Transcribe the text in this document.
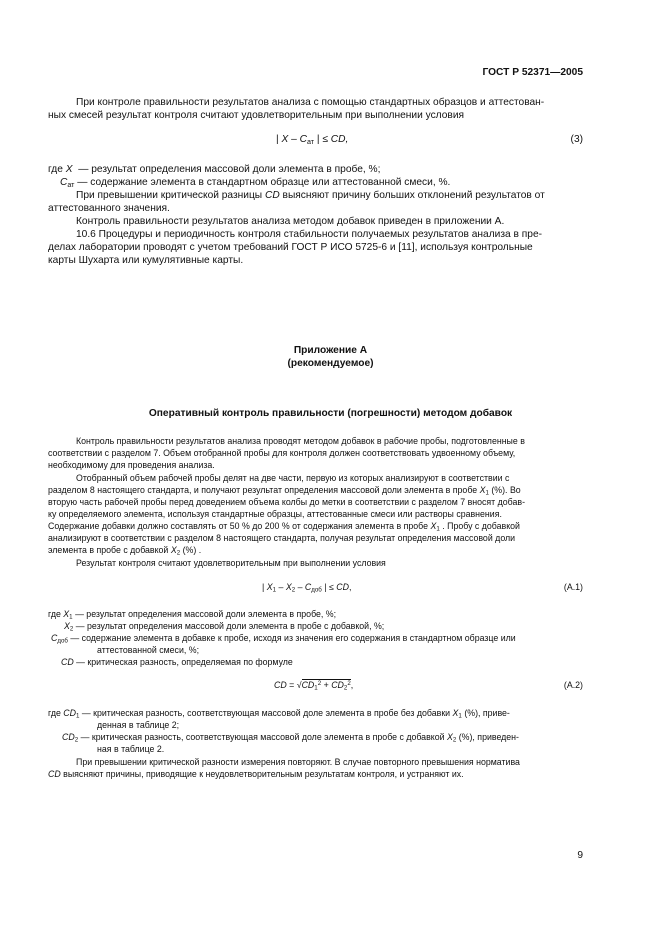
ГОСТ Р 52371—2005
При контроле правильности результатов анализа с помощью стандартных образцов и аттестован-
ных смесей результат контроля считают удовлетворительным при выполнении условия
| X – $C_{ат}$ | ≤ CD,	(3)
где X — результат определения массовой доли элемента в пробе, %;
$C_{ат}$ — содержание элемента в стандартном образце или аттестованной смеси, %.
При превышении критической разницы CD выясняют причину больших отклонений результатов от
аттестованного значения.
Контроль правильности результатов анализа методом добавок приведен в приложении А.
10.6 Процедуры и периодичность контроля стабильности получаемых результатов анализа в пре-
делах лаборатории проводят с учетом требований ГОСТ Р ИСО 5725-6 и [11], используя контрольные
карты Шухарта или кумулятивные карты.
Приложение А
(рекомендуемое)
Оперативный контроль правильности (погрешности) методом добавок
Контроль правильности результатов анализа проводят методом добавок в рабочие пробы, подготовленные в
соответствии с разделом 7. Объем отобранной пробы для контроля должен соответствовать удвоенному объему,
необходимому для проведения анализа.
Отобранный объем рабочей пробы делят на две части, первую из которых анализируют в соответствии с
разделом 8 настоящего стандарта, и получают результат определения массовой доли элемента в пробе $X_1$ (%). Во
вторую часть рабочей пробы перед доведением объема колбы до метки в соответствии с разделом 7 вносят добав-
ку определяемого элемента, используя стандартные образцы, аттестованные смеси или растворы сравнения.
Содержание добавки должно составлять от 50 % до 200 % от содержания элемента в пробе $X_1$ . Пробу с добавкой
анализируют в соответствии с разделом 8 настоящего стандарта, получая результат определения массовой доли
элемента в пробе с добавкой $X_2$ (%) .
Результат контроля считают удовлетворительным при выполнении условия
| $X_1 - X_2 - C_{доб}$ | ≤ CD,	(А.1)
где $X_1$ — результат определения массовой доли элемента в пробе, %;
$X_2$ — результат определения массовой доли элемента в пробе с добавкой, %;
$C_{доб}$ — содержание элемента в добавке к пробе, исходя из значения его содержания в стандартном образце или
аттестованной смеси, %;
CD — критическая разность, определяемая по формуле
CD = $√CD_1^2 + CD_2^2$,	(А.2)
где $CD_1$ — критическая разность, соответствующая массовой доле элемента в пробе без добавки $X_1$ (%), приве-
денная в таблице 2;
$CD_2$ — критическая разность, соответствующая массовой доле элемента в пробе с добавкой $X_2$ (%), приведен-
ная в таблице 2.
При превышении критической разности измерения повторяют. В случае повторного превышения норматива
CD выясняют причины, приводящие к неудовлетворительным результатам контроля, и устраняют их.
9
